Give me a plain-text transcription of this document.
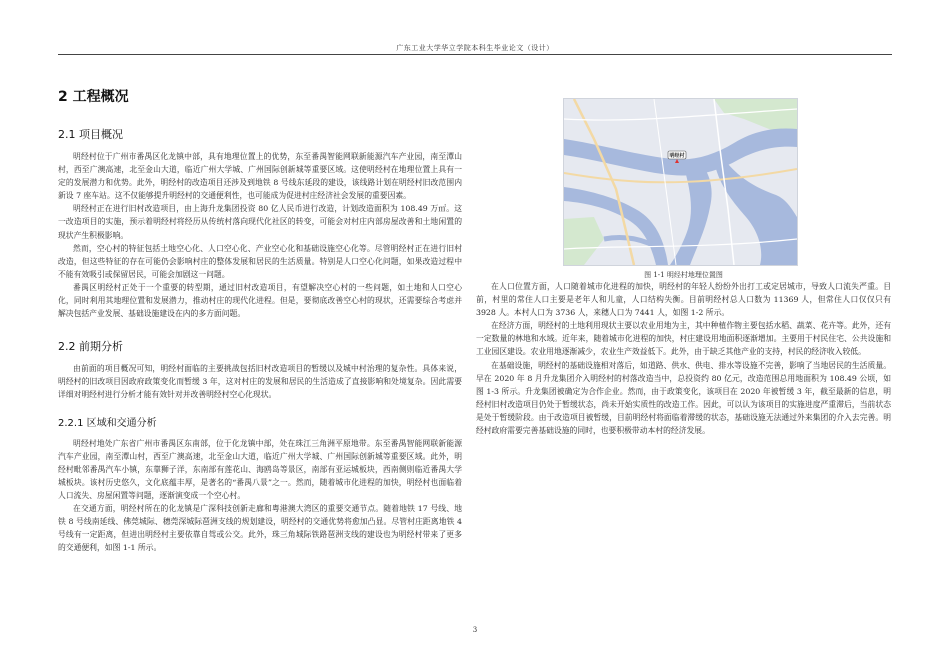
广东工业大学华立学院本科生毕业论文（设计）
2 工程概况
2.1 项目概况

明经村位于广州市番禺区化龙镇中部，具有地理位置上的优势，东至番禺智能网联新能源汽车产业园，南至潭山村，西至广澳高速，北至金山大道，临近广州大学城、广州国际创新城等重要区域。这使明经村在地理位置上具有一定的发展潜力和优势。此外，明经村的改造项目还涉及到地铁 8 号线东延段的建设，该线路计划在明经村旧改范围内新设 7 座车站。这不仅能够提升明经村的交通便利性，也可能成为促进村庄经济社会发展的重要因素。

明经村正在进行旧村改造项目，由上海升龙集团投资 80 亿人民币进行改造，计划改造面积为 108.49 万㎡。这一改造项目的实施，预示着明经村将经历从传统村落向现代化社区的转变，可能会对村庄内部房屋改善和土地闲置的现状产生积极影响。

然而，空心村的特征包括土地空心化、人口空心化、产业空心化和基础设施空心化等。尽管明经村正在进行旧村改造，但这些特征的存在可能仍会影响村庄的整体发展和居民的生活质量。特别是人口空心化问题，如果改造过程中不能有效吸引或保留居民，可能会加剧这一问题。

番禺区明经村正处于一个重要的转型期，通过旧村改造项目，有望解决空心村的一些问题，如土地和人口空心化，同时利用其地理位置和发展潜力，推动村庄的现代化进程。但是，要彻底改善空心村的现状，还需要综合考虑并解决包括产业发展、基础设施建设在内的多方面问题。

2.2 前期分析

由前面的项目概况可知，明经村面临的主要挑战包括旧村改造项目的暂缓以及城中村治理的复杂性。具体来说，明经村的旧改项目因政府政策变化而暂缓 3 年，这对村庄的发展和居民的生活造成了直接影响和处境复杂。因此需要详细对明经村进行分析才能有效针对并改善明经村空心化现状。

2.2.1 区域和交通分析

明经村地处广东省广州市番禺区东南部，位于化龙镇中部，处在珠江三角洲平原地带。东至番禺智能网联新能源汽车产业园，南至潭山村，西至广澳高速，北至金山大道，临近广州大学城、广州国际创新城等重要区域。此外，明经村毗邻番禺汽车小镇，东靠狮子洋，东南部有莲花山、海鸥岛等景区，南部有亚运城板块，西南侧则临近番禺大学城板块。该村历史悠久，文化底蕴丰厚，是著名的“番禺八景”之一。然而，随着城市化进程的加快，明经村也面临着人口流失、房屋闲置等问题，逐渐演变成一个空心村。

在交通方面，明经村所在的化龙镇是广深科技创新走廊和粤港澳大湾区的重要交通节点。随着地铁 17 号线、地铁 8 号线南延线、佛莞城际、穗莞深城际琶洲支线的规划建设，明经村的交通优势将愈加凸显。尽管村庄距离地铁 4 号线有一定距离，但进出明经村主要依靠自驾或公交。此外，珠三角城际铁路琶洲支线的建设也为明经村带来了更多的交通便利，如图 1-1 所示。

明经村
图 1-1 明经村地理位置图

在人口位置方面，人口随着城市化进程的加快，明经村的年轻人纷纷外出打工或定居城市，导致人口流失严重。目前，村里的常住人口主要是老年人和儿童，人口结构失衡。目前明经村总人口数为 11369 人，但常住人口仅仅只有 3928 人。本村人口为 3736 人，来穗人口为 7441 人，如图 1-2 所示。

在经济方面，明经村的土地利用现状主要以农业用地为主，其中种植作物主要包括水稻、蔬菜、花卉等。此外，还有一定数量的林地和水域。近年来，随着城市化进程的加快，村庄建设用地面积逐渐增加。主要用于村民住宅、公共设施和工业园区建设。农业用地逐渐减少，农业生产效益低下。此外，由于缺乏其他产业的支持，村民的经济收入较低。

在基础设施，明经村的基础设施相对落后，如道路、供水、供电、排水等设施不完善，影响了当地居民的生活质量。早在 2020 年 8 月升龙集团介入明经村的村落改造当中，总投资约 80 亿元，改造范围总用地面积为 108.49 公顷，如图 1-3 所示。升龙集团被确定为合作企业。然而，由于政策变化，该项目在 2020 年被暂缓 3 年，截至最新的信息，明经村旧村改造项目仍处于暂缓状态，尚未开始实质性的改造工作。因此，可以认为该项目的实施进度严重滞后，当前状态是处于暂缓阶段。由于改造项目被暂缓，目前明经村将面临着滞缓的状态，基础设施无法通过外来集团的介入去完善。明经村政府需要完善基础设施的同时，也要积极带动本村的经济发展。

3
